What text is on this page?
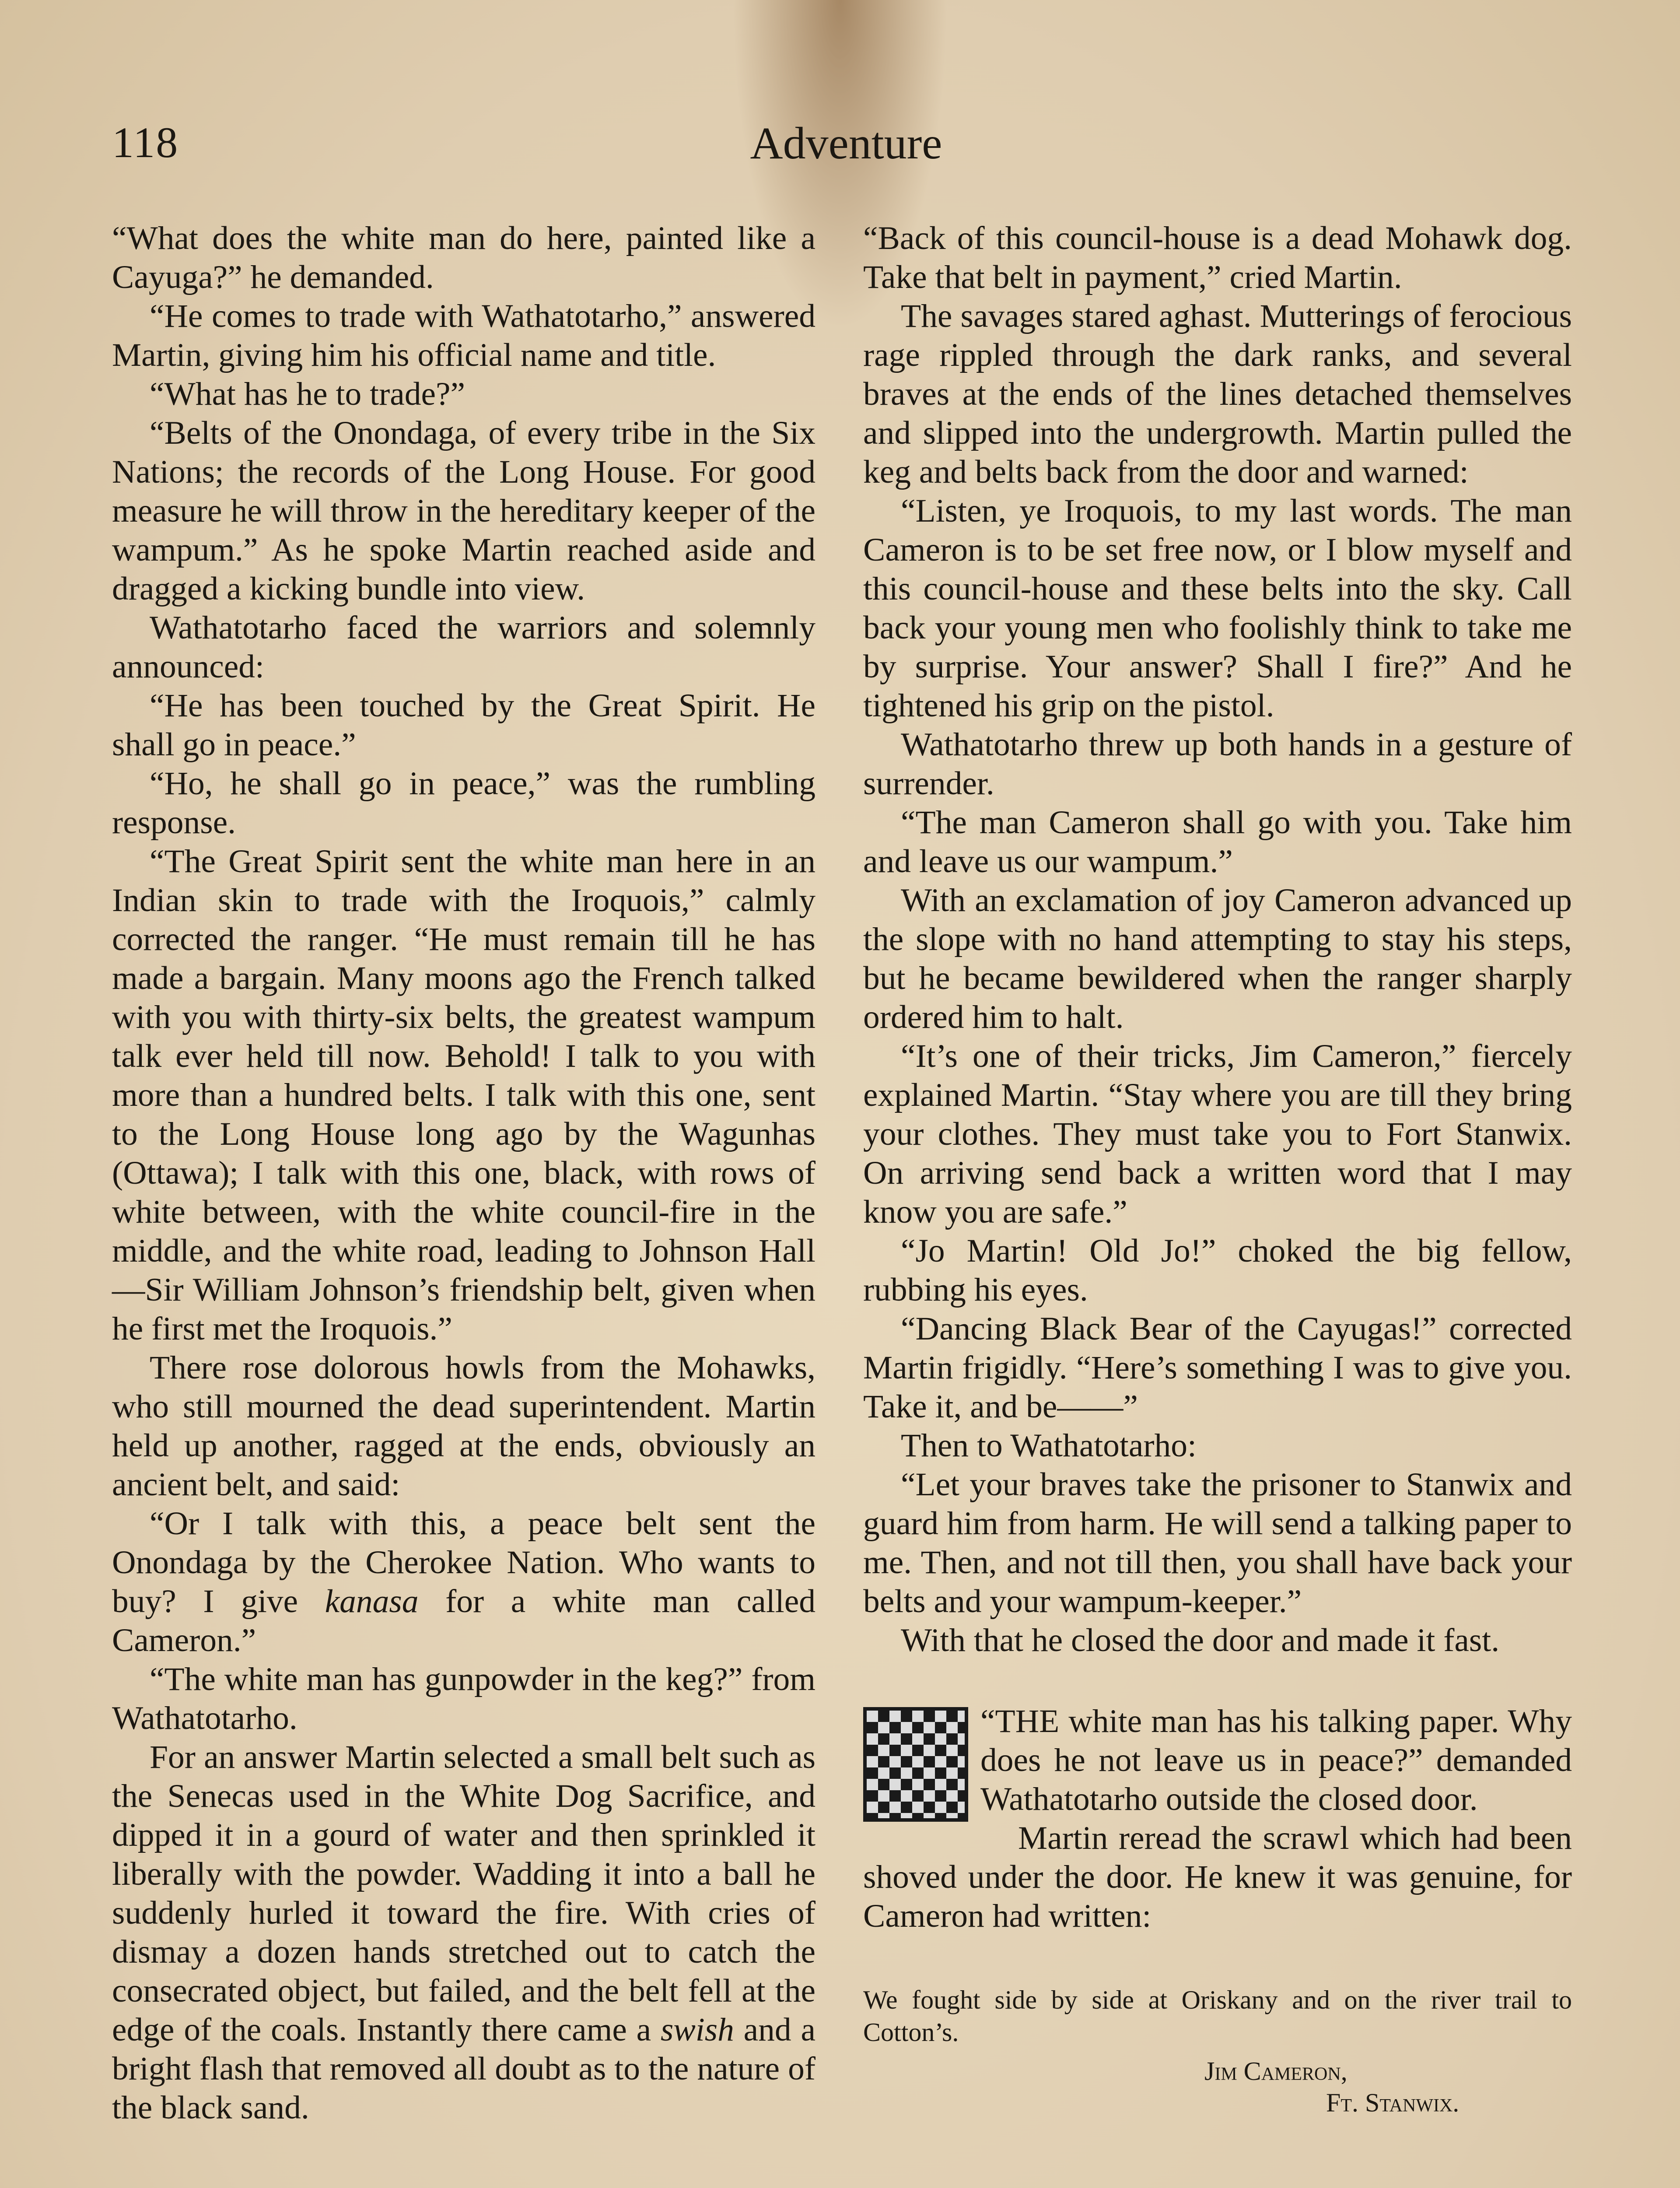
118	Adventure

“What does the white man do here, painted like a Cayuga?” he demanded.

“He comes to trade with Wathatotarho,” answered Martin, giving him his official name and title.

“What has he to trade?”

“Belts of the Onondaga, of every tribe in the Six Nations; the records of the Long House. For good measure he will throw in the hereditary keeper of the wampum.” As he spoke Martin reached aside and dragged a kicking bundle into view.

Wathatotarho faced the warriors and solemnly announced:

“He has been touched by the Great Spirit. He shall go in peace.”

“Ho, he shall go in peace,” was the rumbling response.

“The Great Spirit sent the white man here in an Indian skin to trade with the Iroquois,” calmly corrected the ranger. “He must remain till he has made a bargain. Many moons ago the French talked with you with thirty-six belts, the greatest wampum talk ever held till now. Behold! I talk to you with more than a hundred belts. I talk with this one, sent to the Long House long ago by the Wagunhas (Ottawa); I talk with this one, black, with rows of white between, with the white council-fire in the middle, and the white road, leading to Johnson Hall—Sir William Johnson’s friendship belt, given when he first met the Iroquois.”

There rose dolorous howls from the Mohawks, who still mourned the dead superintendent. Martin held up another, ragged at the ends, obviously an ancient belt, and said:

“Or I talk with this, a peace belt sent the Onondaga by the Cherokee Nation. Who wants to buy? I give kanasa for a white man called Cameron.”

“The white man has gunpowder in the keg?” from Wathatotarho.

For an answer Martin selected a small belt such as the Senecas used in the White Dog Sacrifice, and dipped it in a gourd of water and then sprinkled it liberally with the powder. Wadding it into a ball he suddenly hurled it toward the fire. With cries of dismay a dozen hands stretched out to catch the consecrated object, but failed, and the belt fell at the edge of the coals. Instantly there came a swish and a bright flash that removed all doubt as to the nature of the black sand.

“Back of this council-house is a dead Mohawk dog. Take that belt in payment,” cried Martin.

The savages stared aghast. Mutterings of ferocious rage rippled through the dark ranks, and several braves at the ends of the lines detached themselves and slipped into the undergrowth. Martin pulled the keg and belts back from the door and warned:

“Listen, ye Iroquois, to my last words. The man Cameron is to be set free now, or I blow myself and this council-house and these belts into the sky. Call back your young men who foolishly think to take me by surprise. Your answer? Shall I fire?” And he tightened his grip on the pistol.

Wathatotarho threw up both hands in a gesture of surrender.

“The man Cameron shall go with you. Take him and leave us our wampum.”

With an exclamation of joy Cameron advanced up the slope with no hand attempting to stay his steps, but he became bewildered when the ranger sharply ordered him to halt.

“It’s one of their tricks, Jim Cameron,” fiercely explained Martin. “Stay where you are till they bring your clothes. They must take you to Fort Stanwix. On arriving send back a written word that I may know you are safe.”

“Jo Martin! Old Jo!” choked the big fellow, rubbing his eyes.

“Dancing Black Bear of the Cayugas!” corrected Martin frigidly. “Here’s something I was to give you. Take it, and be——”

Then to Wathatotarho:

“Let your braves take the prisoner to Stanwix and guard him from harm. He will send a talking paper to me. Then, and not till then, you shall have back your belts and your wampum-keeper.”

With that he closed the door and made it fast.

“THE white man has his talking paper. Why does he not leave us in peace?” demanded Wathatotarho outside the closed door.

Martin reread the scrawl which had been shoved under the door. He knew it was genuine, for Cameron had written:

We fought side by side at Oriskany and on the river trail to Cotton’s.
Jim Cameron,
Ft. Stanwix.
